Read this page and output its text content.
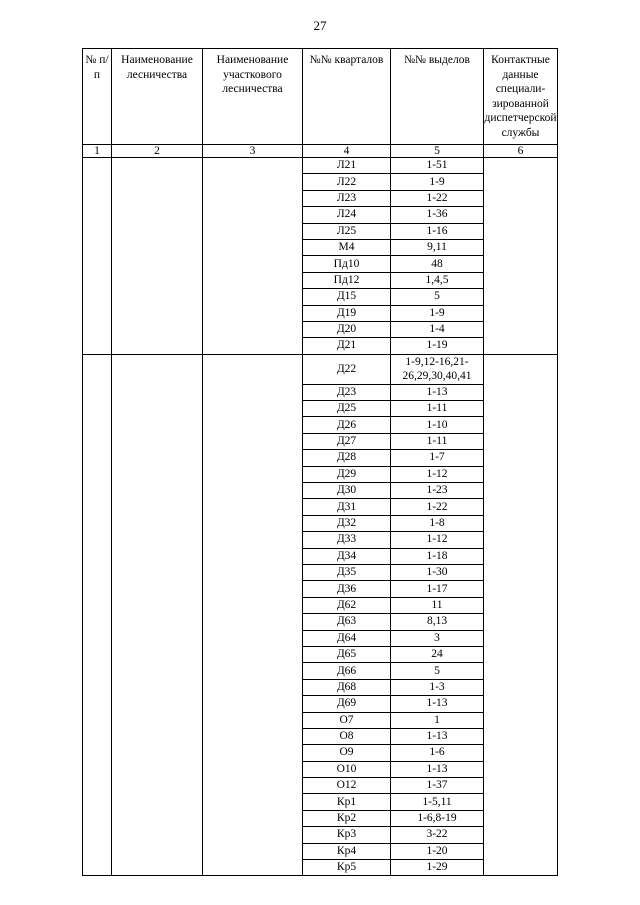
27
№ п/п	Наименование лесничества	Наименование участкового лесничества	№№ кварталов	№№ выделов	Контактные данные специали-зированной диспетчерской службы

1	2	3	4	5	6
			Л21	1-51	
			Л22	1-9	
			Л23	1-22	
			Л24	1-36	
			Л25	1-16	
			М4	9,11	
			Пд10	48	
			Пд12	1,4,5	
			Д15	5	
			Д19	1-9	
			Д20	1-4	
			Д21	1-19	
			Д22	1-9,12-16,21-26,29,30,40,41	
			Д23	1-13	
			Д25	1-11	
			Д26	1-10	
			Д27	1-11	
			Д28	1-7	
			Д29	1-12	
			Д30	1-23	
			Д31	1-22	
			Д32	1-8	
			Д33	1-12	
			Д34	1-18	
			Д35	1-30	
			Д36	1-17	
			Д62	11	
			Д63	8,13	
			Д64	3	
			Д65	24	
			Д66	5	
			Д68	1-3	
			Д69	1-13	
			О7	1	
			О8	1-13	
			О9	1-6	
			О10	1-13	
			О12	1-37	
			Кр1	1-5,11	
			Кр2	1-6,8-19	
			Кр3	3-22	
			Кр4	1-20	
			Кр5	1-29	
